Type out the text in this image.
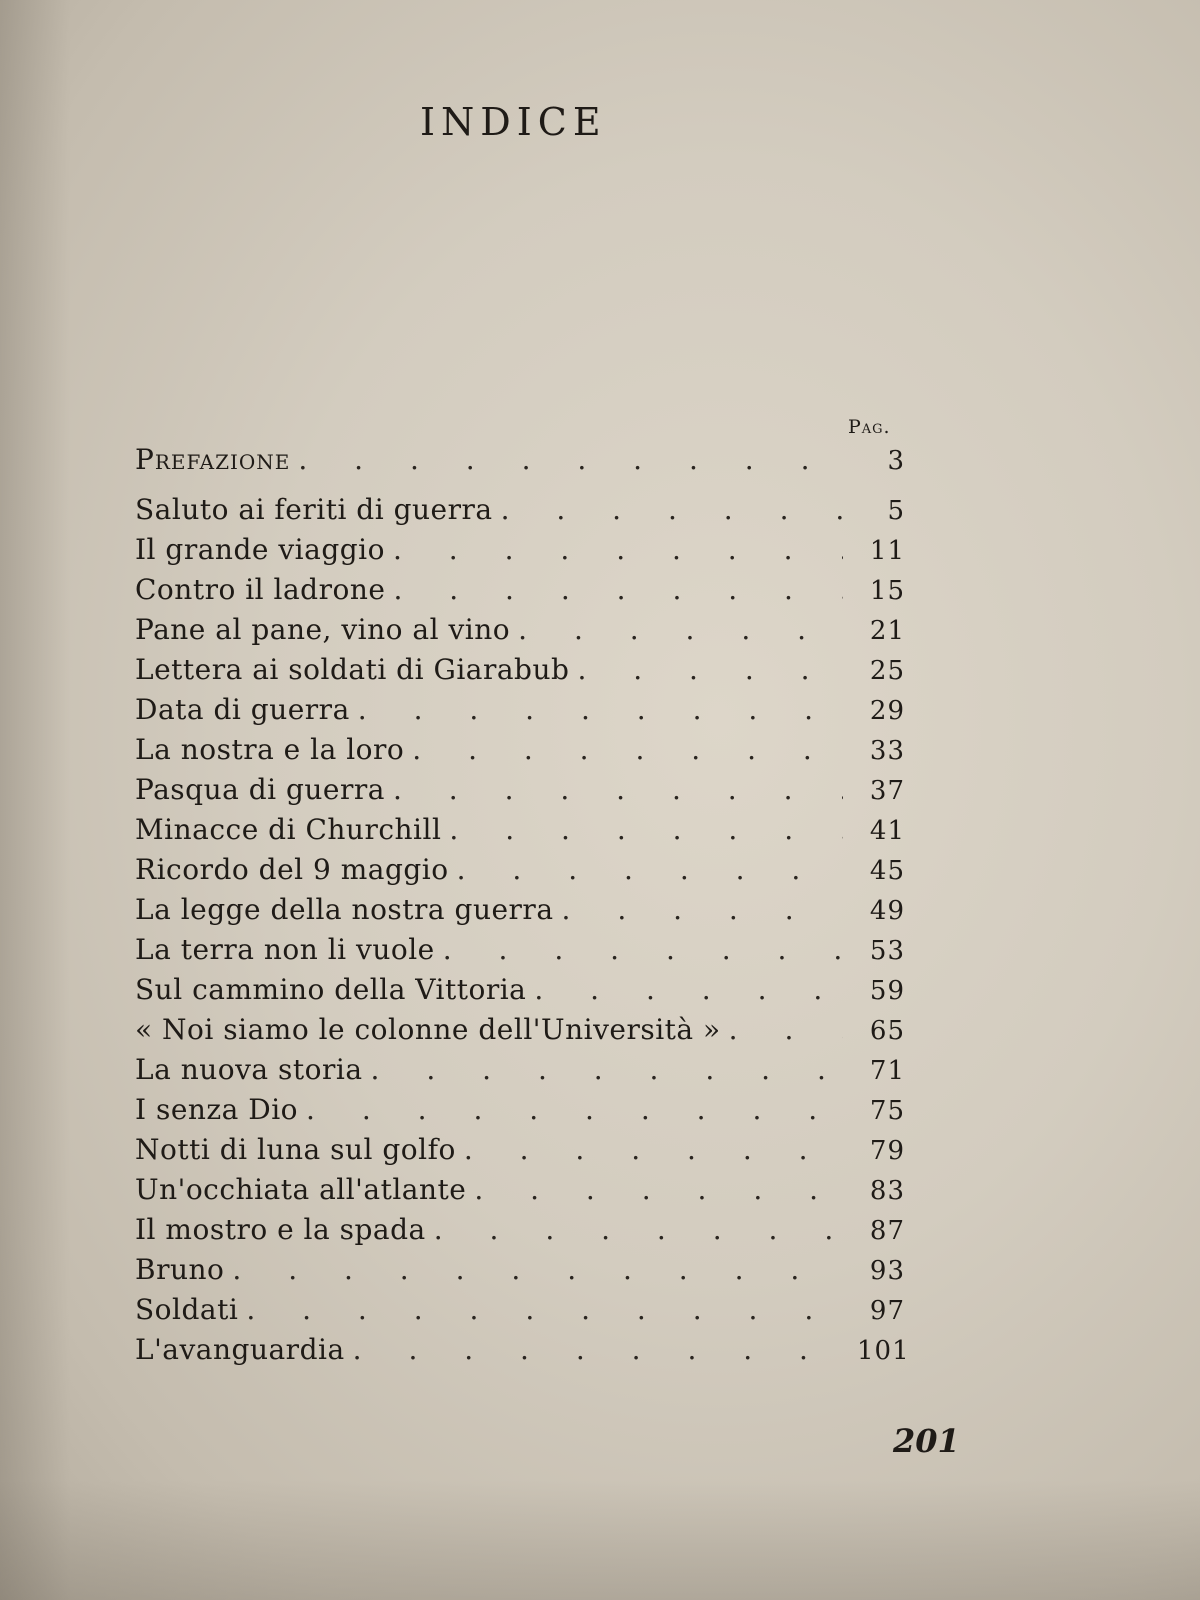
INDICE
Pag.
Prefazione . . .	3
Saluto ai feriti di guerra . . .	5
Il grande viaggio . . .	11
Contro il ladrone . . .	15
Pane al pane, vino al vino . . .	21
Lettera ai soldati di Giarabub . . .	25
Data di guerra . . .	29
La nostra e la loro . . .	33
Pasqua di guerra . . .	37
Minacce di Churchill . . .	41
Ricordo del 9 maggio . . .	45
La legge della nostra guerra . . .	49
La terra non li vuole . . .	53
Sul cammino della Vittoria . . .	59
« Noi siamo le colonne dell'Università » . . .	65
La nuova storia . . .	71
I senza Dio . . .	75
Notti di luna sul golfo . . .	79
Un'occhiata all'atlante . . .	83
Il mostro e la spada . . .	87
Bruno . . .	93
Soldati . . .	97
L'avanguardia . . .	101
201
